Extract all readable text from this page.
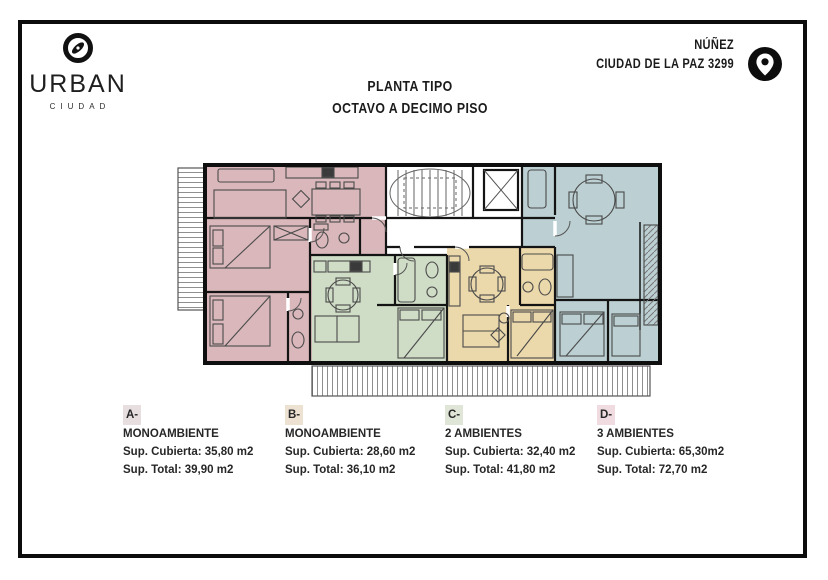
URBAN
CIUDAD
PLANTA TIPO
OCTAVO A DECIMO PISO
NÚÑEZ
CIUDAD DE LA PAZ 3299
A-
MONOAMBIENTE
Sup. Cubierta: 35,80 m2
Sup. Total: 39,90 m2
B-
MONOAMBIENTE
Sup. Cubierta: 28,60 m2
Sup. Total: 36,10 m2
C-
2 AMBIENTES
Sup. Cubierta: 32,40 m2
Sup. Total: 41,80 m2
D-
3 AMBIENTES
Sup. Cubierta: 65,30m2
Sup. Total: 72,70 m2
